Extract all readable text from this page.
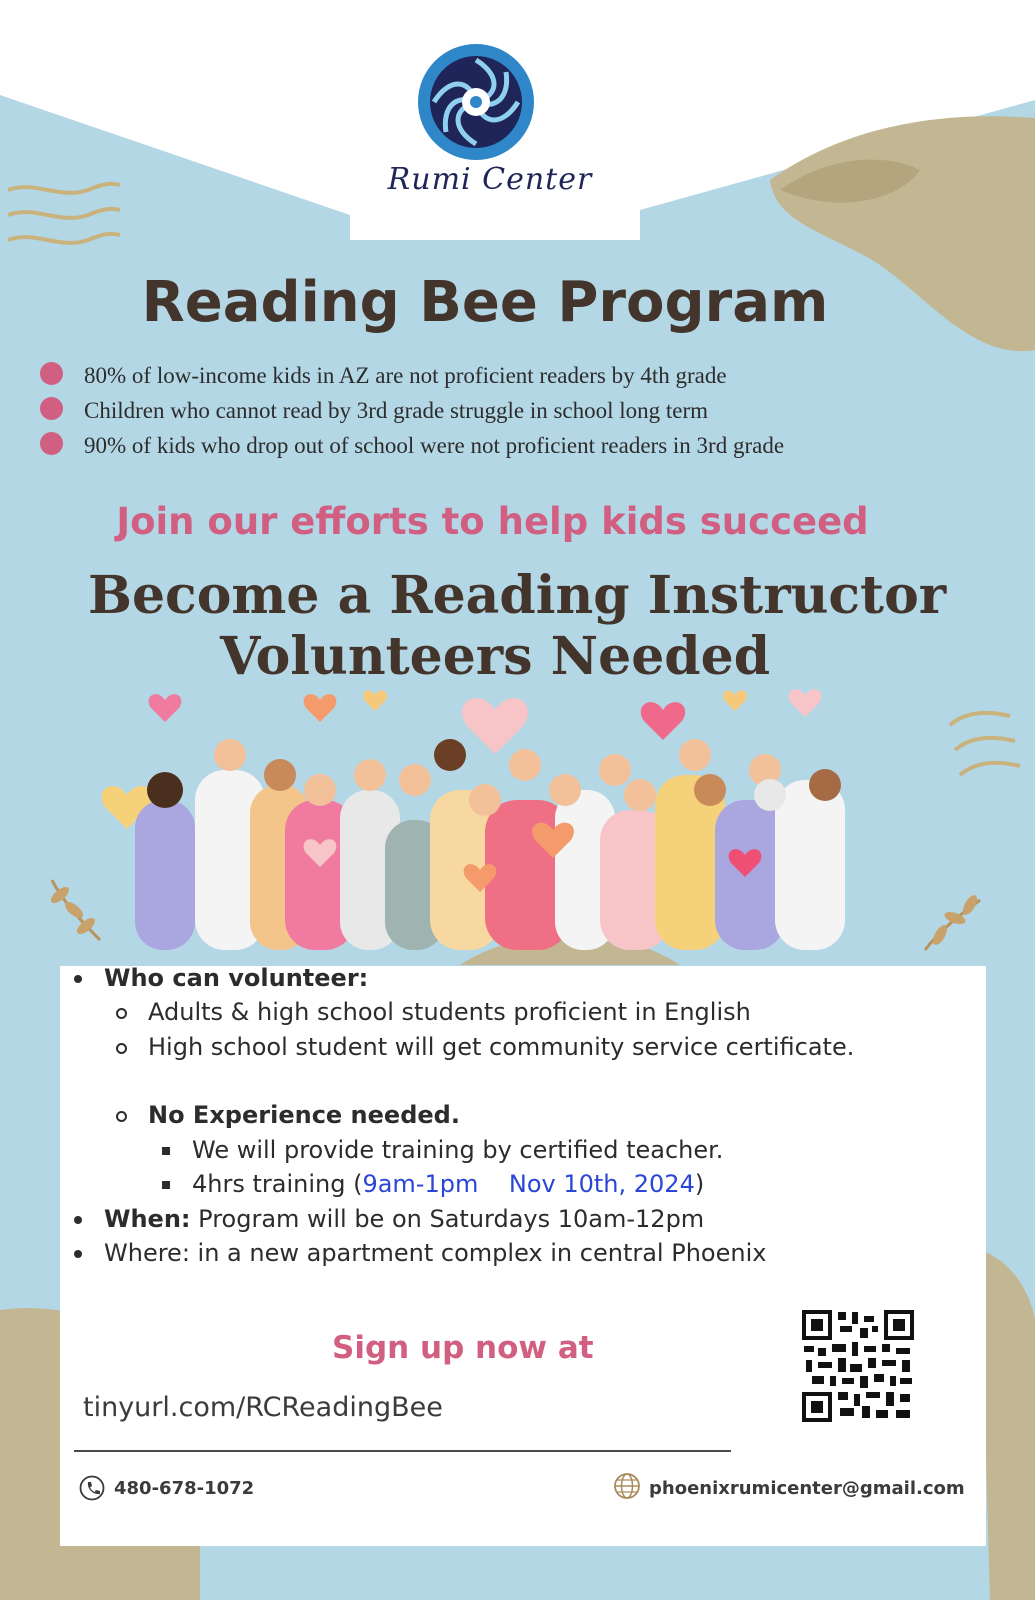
Rumi Center
Reading Bee Program
80% of low-income kids in AZ are not proficient readers by 4th grade
Children who cannot read by 3rd grade struggle in school long term
90% of kids who drop out of school were not proficient readers in 3rd grade
Join our efforts to help kids succeed

Become a Reading Instructor

Volunteers Needed

Who can volunteer:
Adults & high school students proficient in English
High school student will get community service certificate.
No Experience needed.
We will provide training by certified teacher.
4hrs training (9am-1pm Nov 10th, 2024)
When: Program will be on Saturdays 10am-12pm
Where: in a new apartment complex in central Phoenix
Sign up now at
tinyurl.com/RCReadingBee
480-678-1072	phoenixrumicenter@gmail.com
